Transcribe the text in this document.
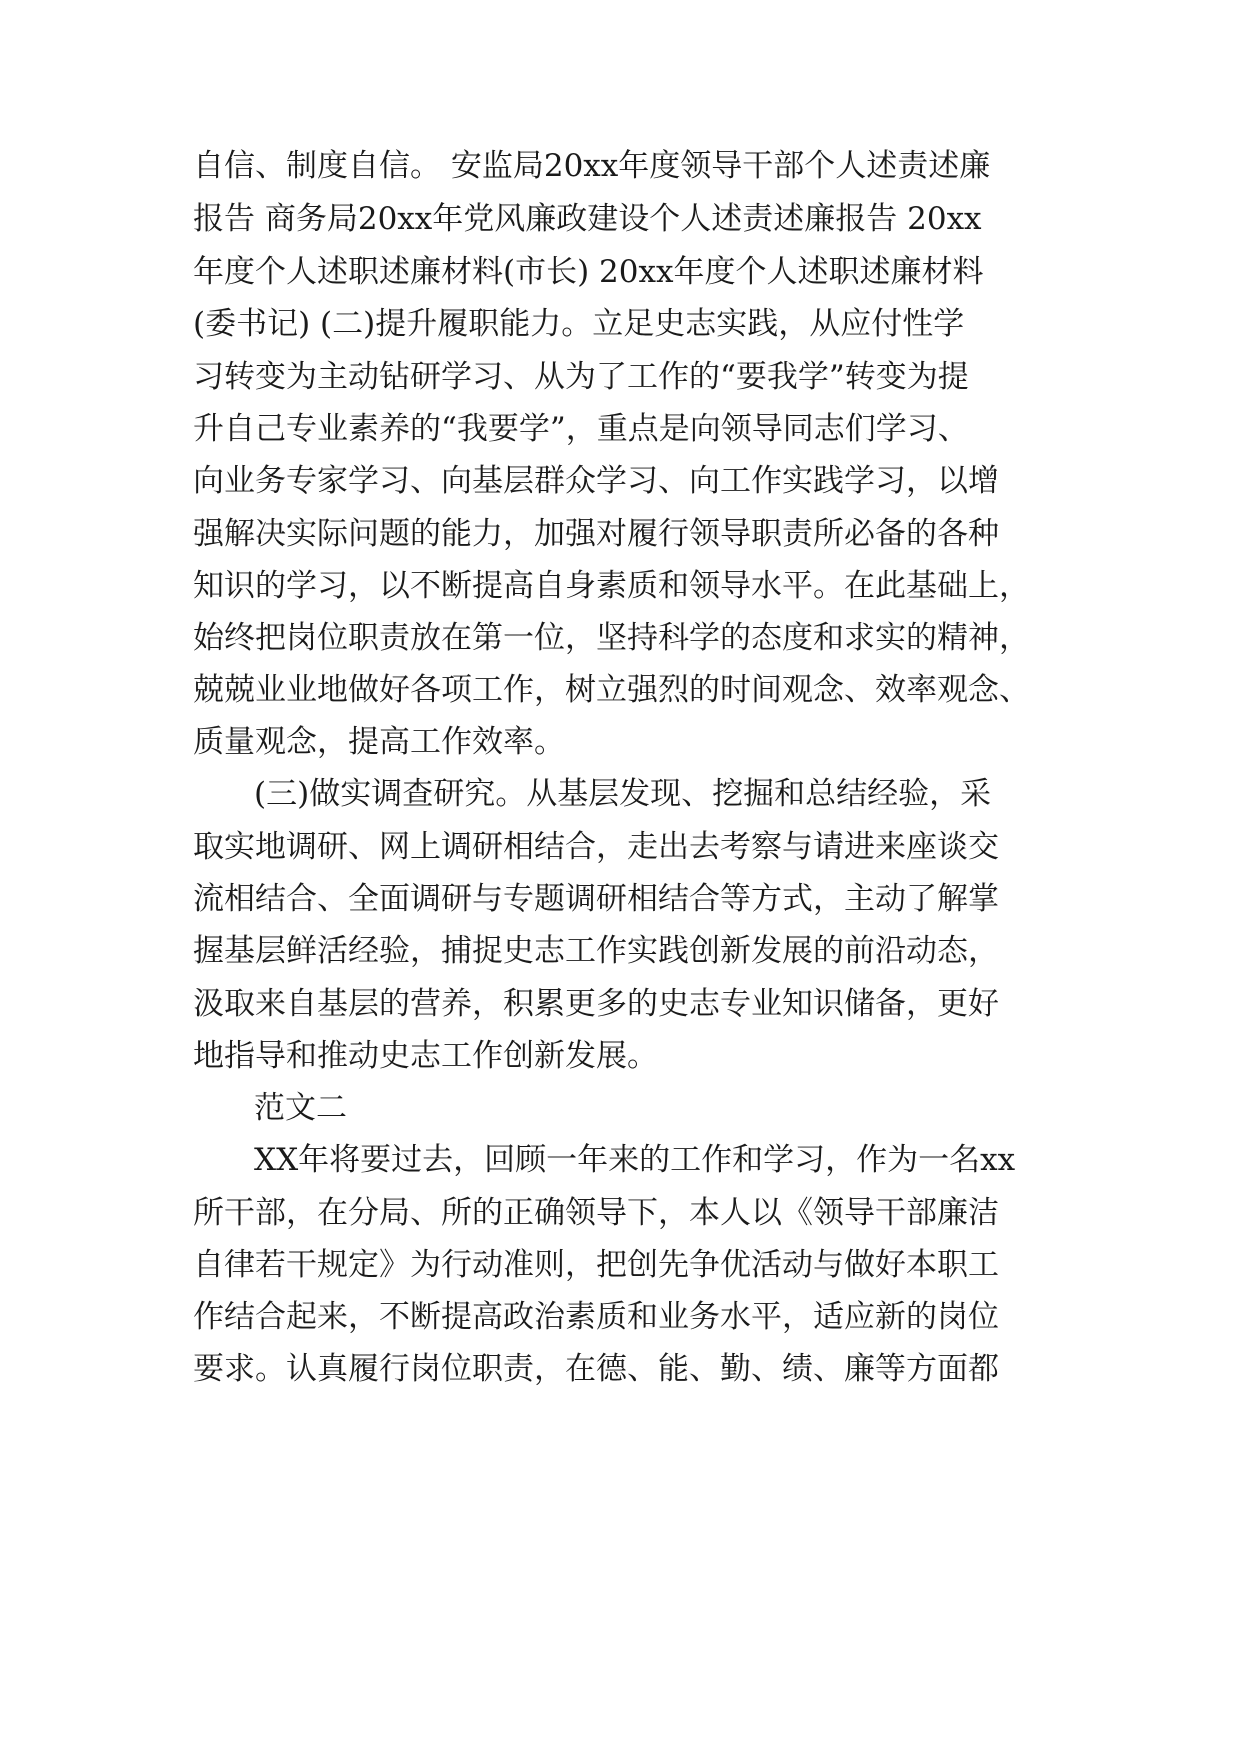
自信、制度自信。 安监局20xx年度领导干部个人述责述廉
报告 商务局20xx年党风廉政建设个人述责述廉报告 20xx
年度个人述职述廉材料(市长) 20xx年度个人述职述廉材料
(委书记) (二)提升履职能力。立足史志实践，从应付性学
习转变为主动钻研学习、从为了工作的“要我学”转变为提
升自己专业素养的“我要学”，重点是向领导同志们学习、
向业务专家学习、向基层群众学习、向工作实践学习，以增
强解决实际问题的能力，加强对履行领导职责所必备的各种
知识的学习，以不断提高自身素质和领导水平。在此基础上，
始终把岗位职责放在第一位，坚持科学的态度和求实的精神，
兢兢业业地做好各项工作，树立强烈的时间观念、效率观念、
质量观念，提高工作效率。
(三)做实调查研究。从基层发现、挖掘和总结经验，采
取实地调研、网上调研相结合，走出去考察与请进来座谈交
流相结合、全面调研与专题调研相结合等方式，主动了解掌
握基层鲜活经验，捕捉史志工作实践创新发展的前沿动态，
汲取来自基层的营养，积累更多的史志专业知识储备，更好
地指导和推动史志工作创新发展。
范文二
XX年将要过去，回顾一年来的工作和学习，作为一名xx
所干部，在分局、所的正确领导下，本人以《领导干部廉洁
自律若干规定》为行动准则，把创先争优活动与做好本职工
作结合起来，不断提高政治素质和业务水平，适应新的岗位
要求。认真履行岗位职责，在德、能、勤、绩、廉等方面都
